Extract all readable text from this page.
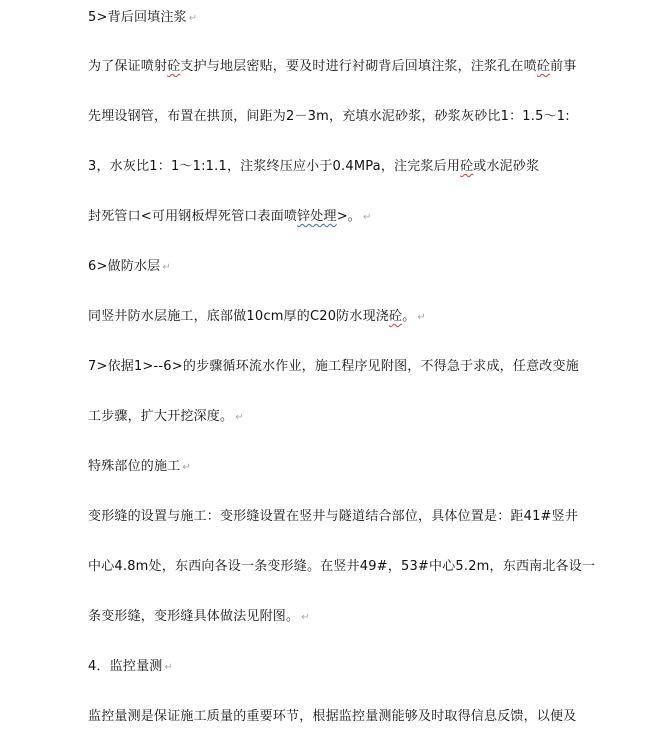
5>背后回填注浆 ↵
为了保证喷射砼支护与地层密贴，要及时进行衬砌背后回填注浆，注浆孔在喷砼前事
先埋设钢管，布置在拱顶，间距为2－3m，充填水泥砂浆，砂浆灰砂比1：1.5～1:
3，水灰比1：1～1:1.1，注浆终压应小于0.4MPa，注完浆后用砼或水泥砂浆
封死管口<可用钢板焊死管口表面喷锌处理>。 ↵
6>做防水层 ↵
同竖井防水层施工，底部做10cm厚的C20防水现浇砼。 ↵
7>依据1>--6>的步骤循环流水作业，施工程序见附图，不得急于求成，任意改变施
工步骤，扩大开挖深度。 ↵
特殊部位的施工 ↵
变形缝的设置与施工：变形缝设置在竖井与隧道结合部位，具体位置是：距41#竖井
中心4.8m处，东西向各设一条变形缝。在竖井49#，53#中心5.2m，东西南北各设一
条变形缝，变形缝具体做法见附图。 ↵
4．监控量测 ↵
监控量测是保证施工质量的重要环节，根据监控量测能够及时取得信息反馈，以便及
